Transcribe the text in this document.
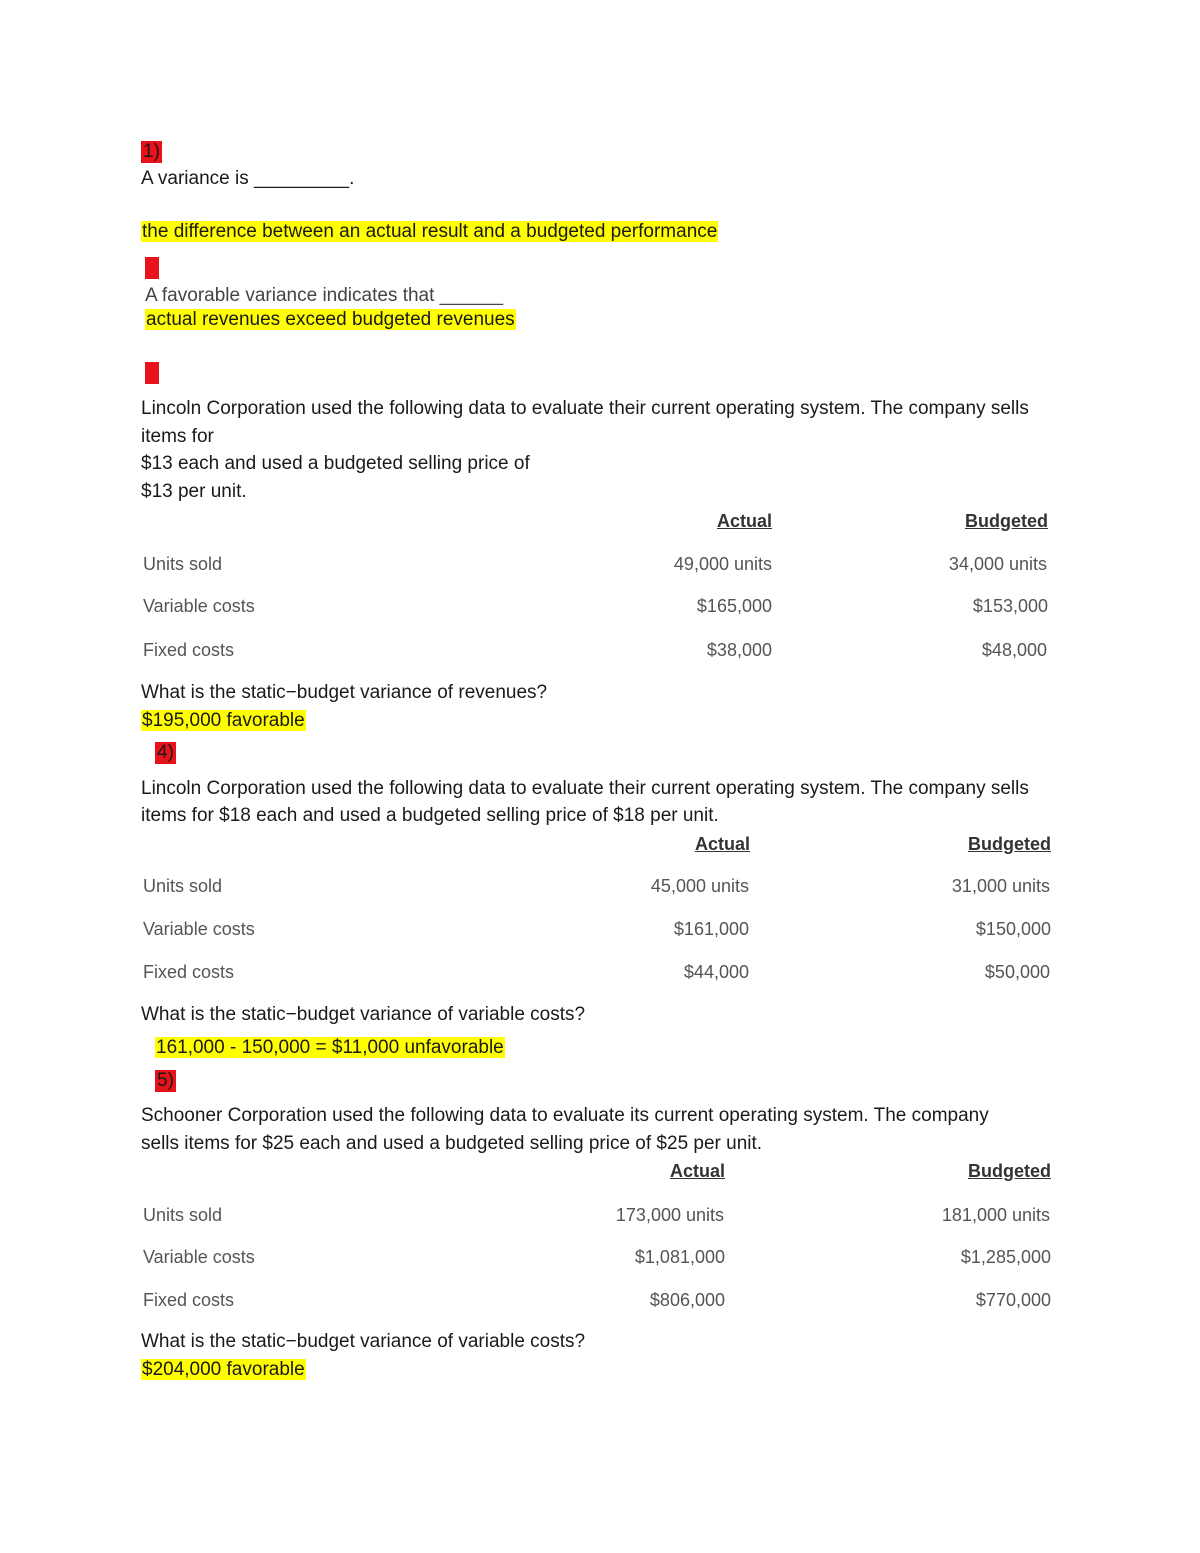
1)
A variance is _________.
the difference between an actual result and a budgeted performance
A favorable variance indicates that ______
actual revenues exceed budgeted revenues
Lincoln Corporation used the following data to evaluate their current operating system. The company sells
items for
$13 each and used a budgeted selling price of
$13 per unit.
Actual	Budgeted
Units sold	49,000 units	34,000 units
Variable costs	$165,000	$153,000
Fixed costs	$38,000	$48,000
What is the static−budget variance of revenues?
$195,000 favorable
4)
Lincoln Corporation used the following data to evaluate their current operating system. The company sells
items for $18 each and used a budgeted selling price of $18 per unit.
Actual	Budgeted
Units sold	45,000 units	31,000 units
Variable costs	$161,000	$150,000
Fixed costs	$44,000	$50,000
What is the static−budget variance of variable costs?
161,000 - 150,000 = $11,000 unfavorable
5)
Schooner Corporation used the following data to evaluate its current operating system. The company
sells items for $25 each and used a budgeted selling price of $25 per unit.
Actual	Budgeted
Units sold	173,000 units	181,000 units
Variable costs	$1,081,000	$1,285,000
Fixed costs	$806,000	$770,000
What is the static−budget variance of variable costs?
$204,000 favorable
